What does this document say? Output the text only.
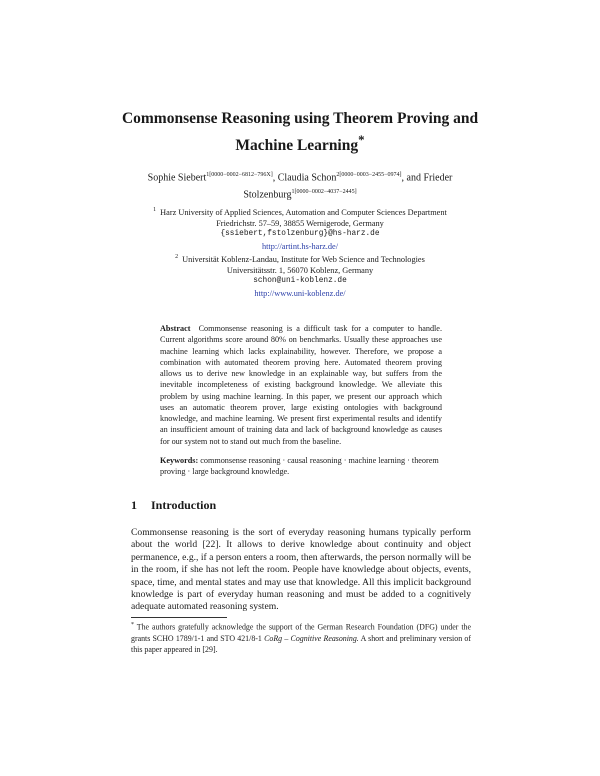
Commonsense Reasoning using Theorem Proving and
Machine Learning*
Sophie Siebert$^{1[0000-0002-6812-796X]}$, Claudia Schon$^{2[0000-0003-2455-0974]}$, and Frieder
Stolzenburg$^{1[0000-0002-4037-2445]}$
$^1$ Harz University of Applied Sciences, Automation and Computer Sciences Department
Friedrichstr. 57–59, 38855 Wernigerode, Germany
{ssiebert,fstolzenburg}@hs-harz.de
http://artint.hs-harz.de/
$^2$ Universität Koblenz-Landau, Institute for Web Science and Technologies
Universitätsstr. 1, 56070 Koblenz, Germany
schon@uni-koblenz.de
http://www.uni-koblenz.de/
Abstract Commonsense reasoning is a difficult task for a computer to handle. Current algorithms score around 80% on benchmarks. Usually these approaches use machine learning which lacks explainability, however. Therefore, we propose a combination with automated theorem proving here. Automated theorem proving allows us to derive new knowledge in an explainable way, but suffers from the inevitable incompleteness of existing background knowledge. We alleviate this problem by using machine learning. In this paper, we present our approach which uses an automatic theorem prover, large existing ontologies with background knowledge, and machine learning. We present first experimental results and identify an insufficient amount of training data and lack of background knowledge as causes for our system not to stand out much from the baseline.
Keywords: commonsense reasoning · causal reasoning · machine learning · theorem proving · large background knowledge.
1 Introduction
Commonsense reasoning is the sort of everyday reasoning humans typically perform about the world [22]. It allows to derive knowledge about continuity and object permanence, e.g., if a person enters a room, then afterwards, the person normally will be in the room, if she has not left the room. People have knowledge about objects, events, space, time, and mental states and may use that knowledge. All this implicit background knowledge is part of everyday human reasoning and must be added to a cognitively adequate automated reasoning system.
* The authors gratefully acknowledge the support of the German Research Foundation (DFG) under the grants SCHO 1789/1-1 and STO 421/8-1 CoRg – Cognitive Reasoning. A short and preliminary version of this paper appeared in [29].
